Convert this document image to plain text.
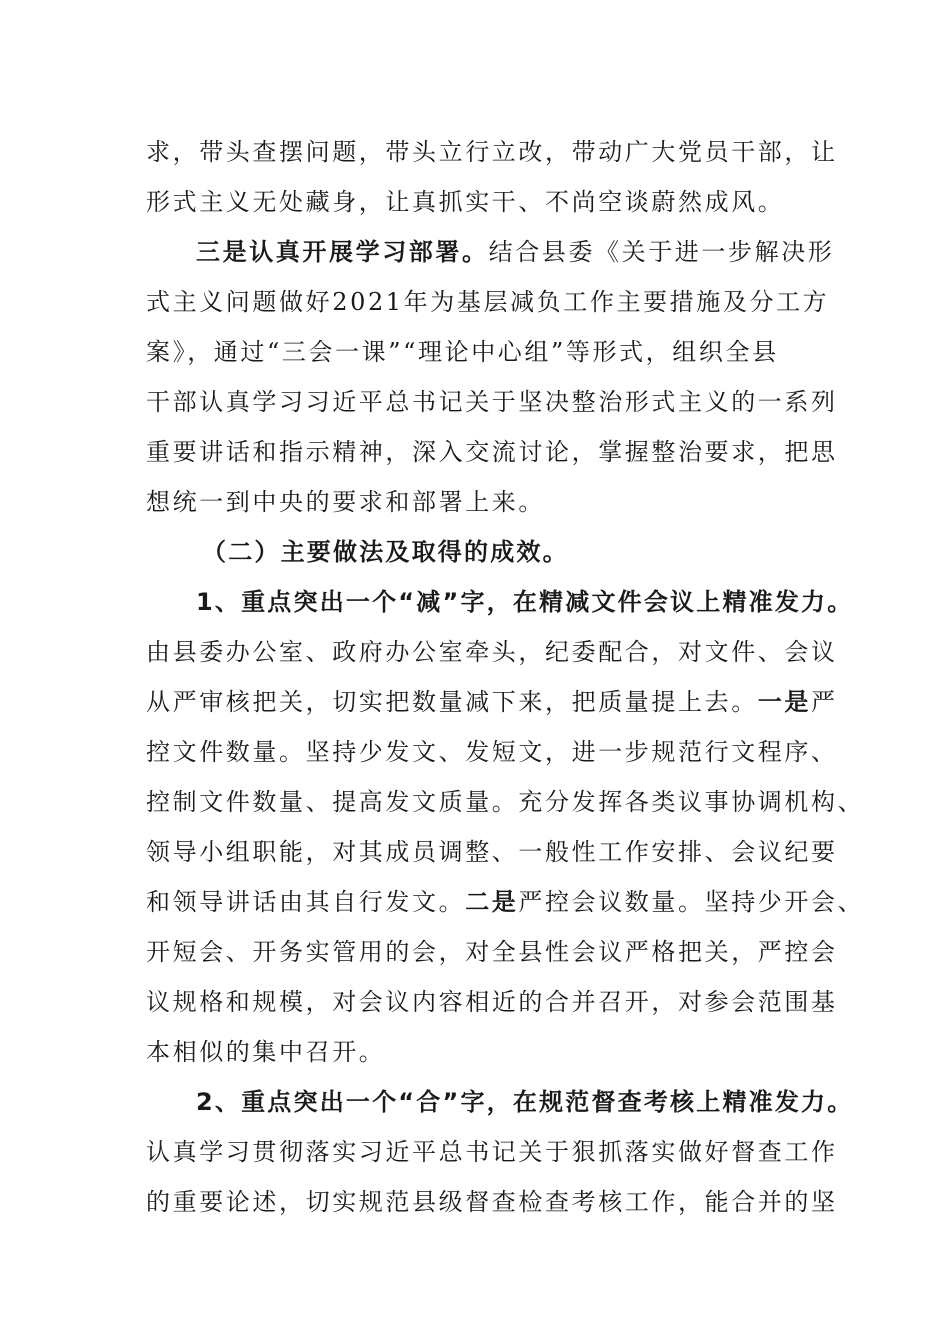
求，带头查摆问题，带头立行立改，带动广大党员干部，让
形式主义无处藏身，让真抓实干、不尚空谈蔚然成风。
三是认真开展学习部署。结合县委《关于进一步解决形
式主义问题做好2021年为基层减负工作主要措施及分工方
案》，通过“三会一课”“理论中心组”等形式，组织全县
干部认真学习习近平总书记关于坚决整治形式主义的一系列
重要讲话和指示精神，深入交流讨论，掌握整治要求，把思
想统一到中央的要求和部署上来。
（二）主要做法及取得的成效。
1、重点突出一个“减”字，在精减文件会议上精准发力。
由县委办公室、政府办公室牵头，纪委配合，对文件、会议
从严审核把关，切实把数量减下来，把质量提上去。一是严
控文件数量。坚持少发文、发短文，进一步规范行文程序、
控制文件数量、提高发文质量。充分发挥各类议事协调机构、
领导小组职能，对其成员调整、一般性工作安排、会议纪要
和领导讲话由其自行发文。二是严控会议数量。坚持少开会、
开短会、开务实管用的会，对全县性会议严格把关，严控会
议规格和规模，对会议内容相近的合并召开，对参会范围基
本相似的集中召开。
2、重点突出一个“合”字，在规范督查考核上精准发力。
认真学习贯彻落实习近平总书记关于狠抓落实做好督查工作
的重要论述，切实规范县级督查检查考核工作，能合并的坚
